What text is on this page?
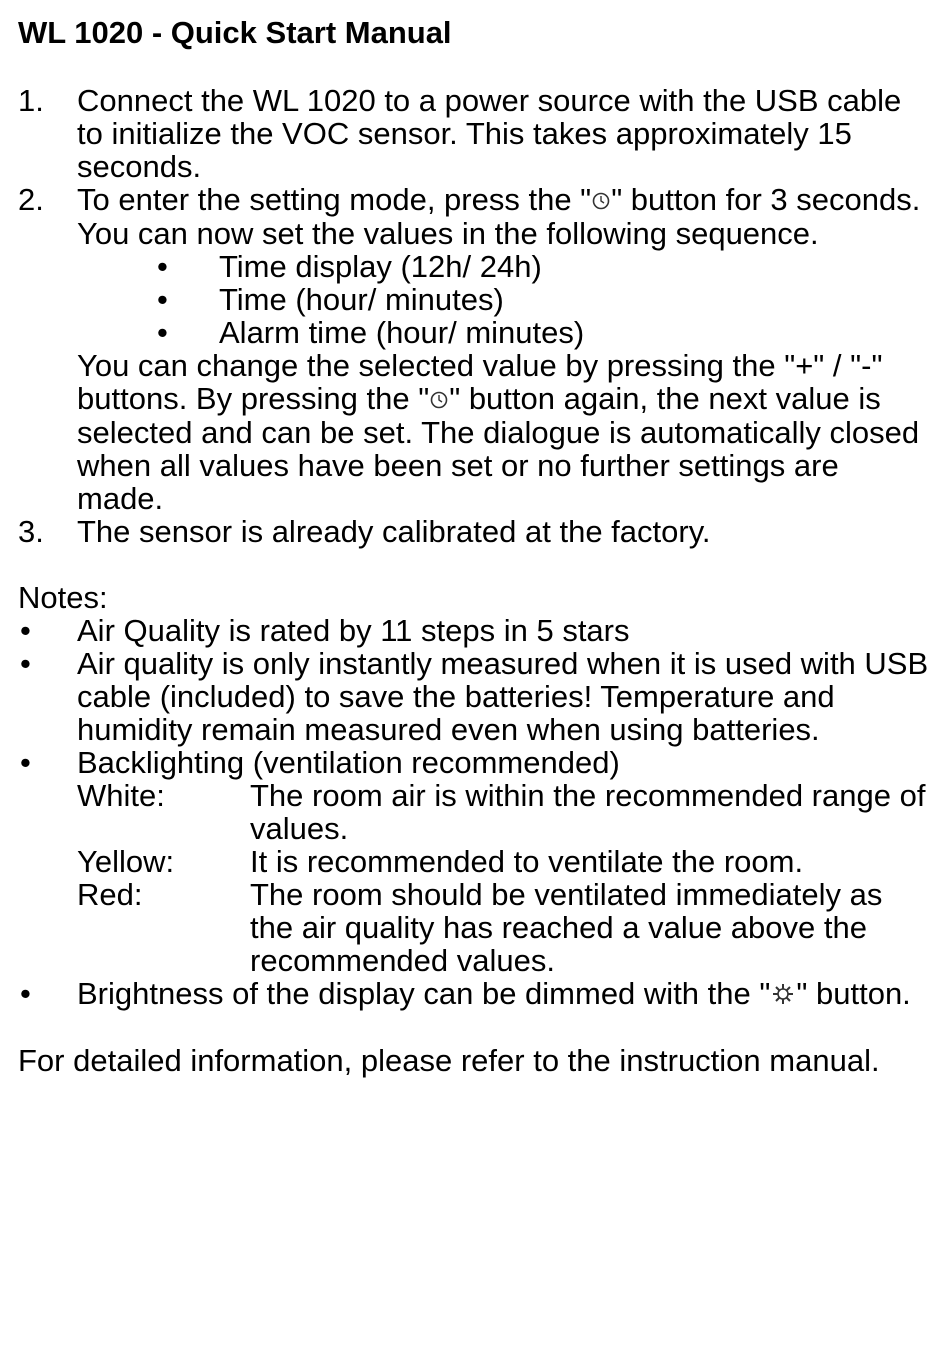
WL 1020 - Quick Start Manual
1. Connect the WL 1020 to a power source with the USB cable to initialize the VOC sensor. This takes approximately 15 seconds.
2. To enter the setting mode, press the " " button for 3 seconds. You can now set the values in the following sequence.
• Time display (12h/ 24h)
• Time (hour/ minutes)
• Alarm time (hour/ minutes)
You can change the selected value by pressing the "+" / "-" buttons. By pressing the " " button again, the next value is selected and can be set. The dialogue is automatically closed when all values have been set or no further settings are made.
3. The sensor is already calibrated at the factory.
Notes:
• Air Quality is rated by 11 steps in 5 stars
• Air quality is only instantly measured when it is used with USB cable (included) to save the batteries! Temperature and humidity remain measured even when using batteries.
• Backlighting (ventilation recommended)
White:	The room air is within the recommended range of values.
Yellow:	It is recommended to ventilate the room.
Red:	The room should be ventilated immediately as the air quality has reached a value above the recommended values.
• Brightness of the display can be dimmed with the " " button.
For detailed information, please refer to the instruction manual.
